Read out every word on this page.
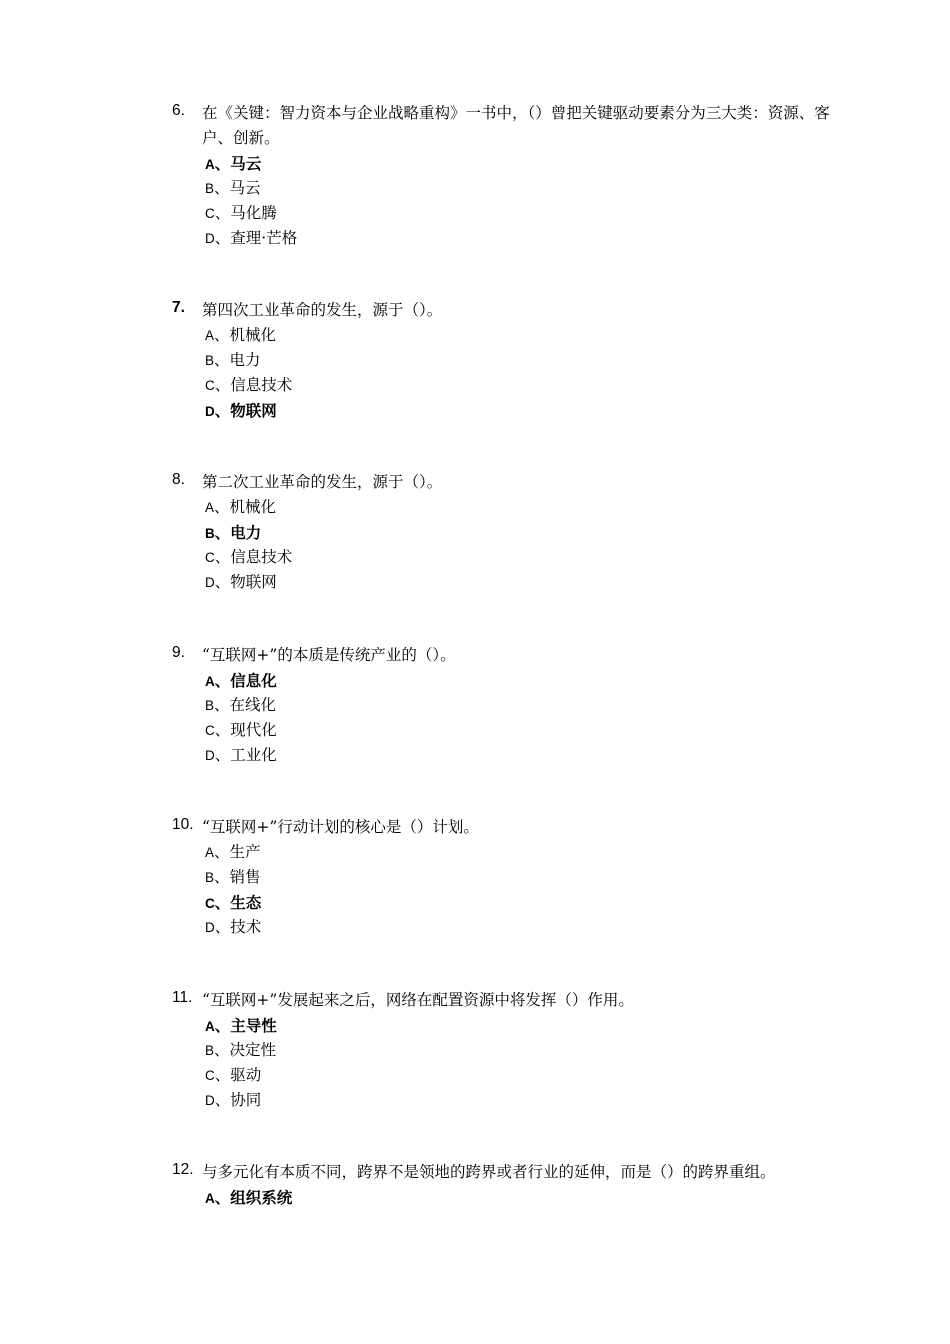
6. 在《关键：智力资本与企业战略重构》一书中，（）曾把关键驱动要素分为三大类：资源、客户、创新。
A、马云
B、马云
C、马化腾
D、查理·芒格
7. 第四次工业革命的发生，源于（）。
A、机械化
B、电力
C、信息技术
D、物联网
8. 第二次工业革命的发生，源于（）。
A、机械化
B、电力
C、信息技术
D、物联网
9. “互联网+”的本质是传统产业的（）。
A、信息化
B、在线化
C、现代化
D、工业化
10. “互联网+”行动计划的核心是（）计划。
A、生产
B、销售
C、生态
D、技术
11. “互联网+”发展起来之后，网络在配置资源中将发挥（）作用。
A、主导性
B、决定性
C、驱动
D、协同
12. 与多元化有本质不同，跨界不是领地的跨界或者行业的延伸，而是（）的跨界重组。
A、组织系统
